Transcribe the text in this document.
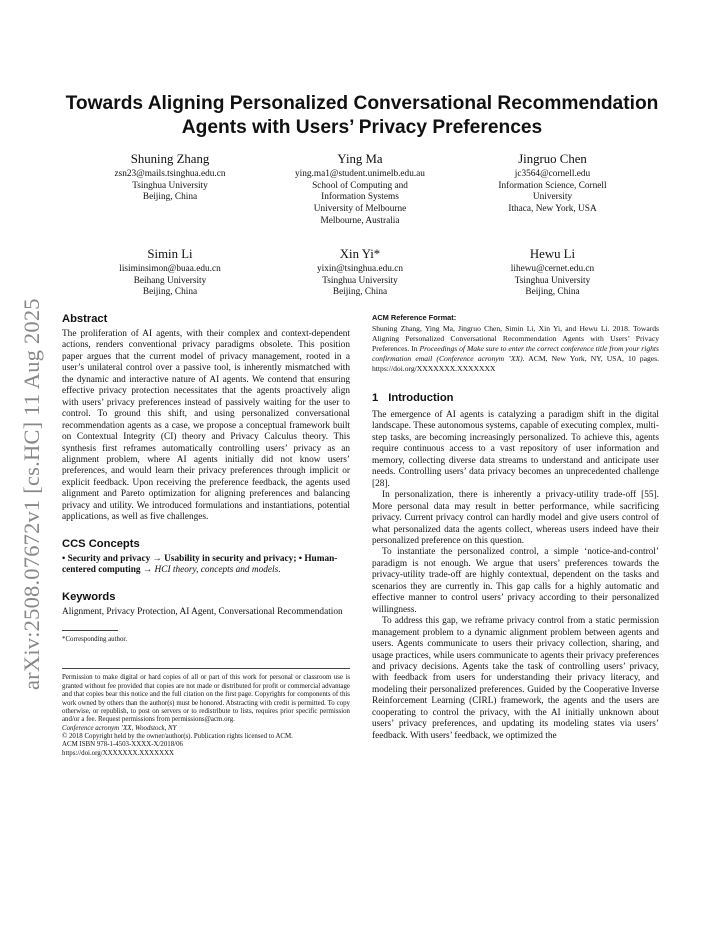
arXiv:2508.07672v1 [cs.HC] 11 Aug 2025
Towards Aligning Personalized Conversational Recommendation
Agents with Users’ Privacy Preferences
Shuning Zhang
zsn23@mails.tsinghua.edu.cn
Tsinghua University
Beijing, China
Ying Ma
ying.ma1@student.unimelb.edu.au
School of Computing and
Information Systems
University of Melbourne
Melbourne, Australia
Jingruo Chen
jc3564@cornell.edu
Information Science, Cornell
University
Ithaca, New York, USA
Simin Li
lisiminsimon@buaa.edu.cn
Beihang University
Beijing, China
Xin Yi*
yixin@tsinghua.edu.cn
Tsinghua University
Beijing, China
Hewu Li
lihewu@cernet.edu.cn
Tsinghua University
Beijing, China
Abstract

The proliferation of AI agents, with their complex and context-dependent actions, renders conventional privacy paradigms obsolete. This position paper argues that the current model of privacy management, rooted in a user’s unilateral control over a passive tool, is inherently mismatched with the dynamic and interactive nature of AI agents. We contend that ensuring effective privacy protection necessitates that the agents proactively align with users’ privacy preferences instead of passively waiting for the user to control. To ground this shift, and using personalized conversational recommendation agents as a case, we propose a conceptual framework built on Contextual Integrity (CI) theory and Privacy Calculus theory. This synthesis first reframes automatically controlling users’ privacy as an alignment problem, where AI agents initially did not know users’ preferences, and would learn their privacy preferences through implicit or explicit feedback. Upon receiving the preference feedback, the agents used alignment and Pareto optimization for aligning preferences and balancing privacy and utility. We introduced formulations and instantiations, potential applications, as well as five challenges.

CCS Concepts

• Security and privacy → Usability in security and privacy; • Human-centered computing → HCI theory, concepts and models.

Keywords

Alignment, Privacy Protection, AI Agent, Conversational Recommendation

*Corresponding author.

Permission to make digital or hard copies of all or part of this work for personal or classroom use is granted without fee provided that copies are not made or distributed for profit or commercial advantage and that copies bear this notice and the full citation on the first page. Copyrights for components of this work owned by others than the author(s) must be honored. Abstracting with credit is permitted. To copy otherwise, or republish, to post on servers or to redistribute to lists, requires prior specific permission and/or a fee. Request permissions from permissions@acm.org.

Conference acronym ’XX, Woodstock, NY

© 2018 Copyright held by the owner/author(s). Publication rights licensed to ACM.

ACM ISBN 978-1-4503-XXXX-X/2018/06

https://doi.org/XXXXXXX.XXXXXXX

ACM Reference Format:

Shuning Zhang, Ying Ma, Jingruo Chen, Simin Li, Xin Yi, and Hewu Li. 2018. Towards Aligning Personalized Conversational Recommendation Agents with Users’ Privacy Preferences. In Proceedings of Make sure to enter the correct conference title from your rights confirmation email (Conference acronym ’XX). ACM, New York, NY, USA, 10 pages. https://doi.org/XXXXXXX.XXXXXXX

1 Introduction

The emergence of AI agents is catalyzing a paradigm shift in the digital landscape. These autonomous systems, capable of executing complex, multi-step tasks, are becoming increasingly personalized. To achieve this, agents require continuous access to a vast repository of user information and memory, collecting diverse data streams to understand and anticipate user needs. Controlling users’ data privacy becomes an unprecedented challenge [28].

In personalization, there is inherently a privacy-utility trade-off [55]. More personal data may result in better performance, while sacrificing privacy. Current privacy control can hardly model and give users control of what personalized data the agents collect, whereas users indeed have their personalized preference on this question.

To instantiate the personalized control, a simple ‘notice-and-control’ paradigm is not enough. We argue that users’ preferences towards the privacy-utility trade-off are highly contextual, dependent on the tasks and scenarios they are currently in. This gap calls for a highly automatic and effective manner to control users’ privacy according to their personalized willingness.

To address this gap, we reframe privacy control from a static permission management problem to a dynamic alignment problem between agents and users. Agents communicate to users their privacy collection, sharing, and usage practices, while users communicate to agents their privacy preferences and privacy decisions. Agents take the task of controlling users’ privacy, with feedback from users for understanding their privacy literacy, and modeling their personalized preferences. Guided by the Cooperative Inverse Reinforcement Learning (CIRL) framework, the agents and the users are cooperating to control the privacy, with the AI initially unknown about users’ privacy preferences, and updating its modeling states via users’ feedback. With users’ feedback, we optimized the
